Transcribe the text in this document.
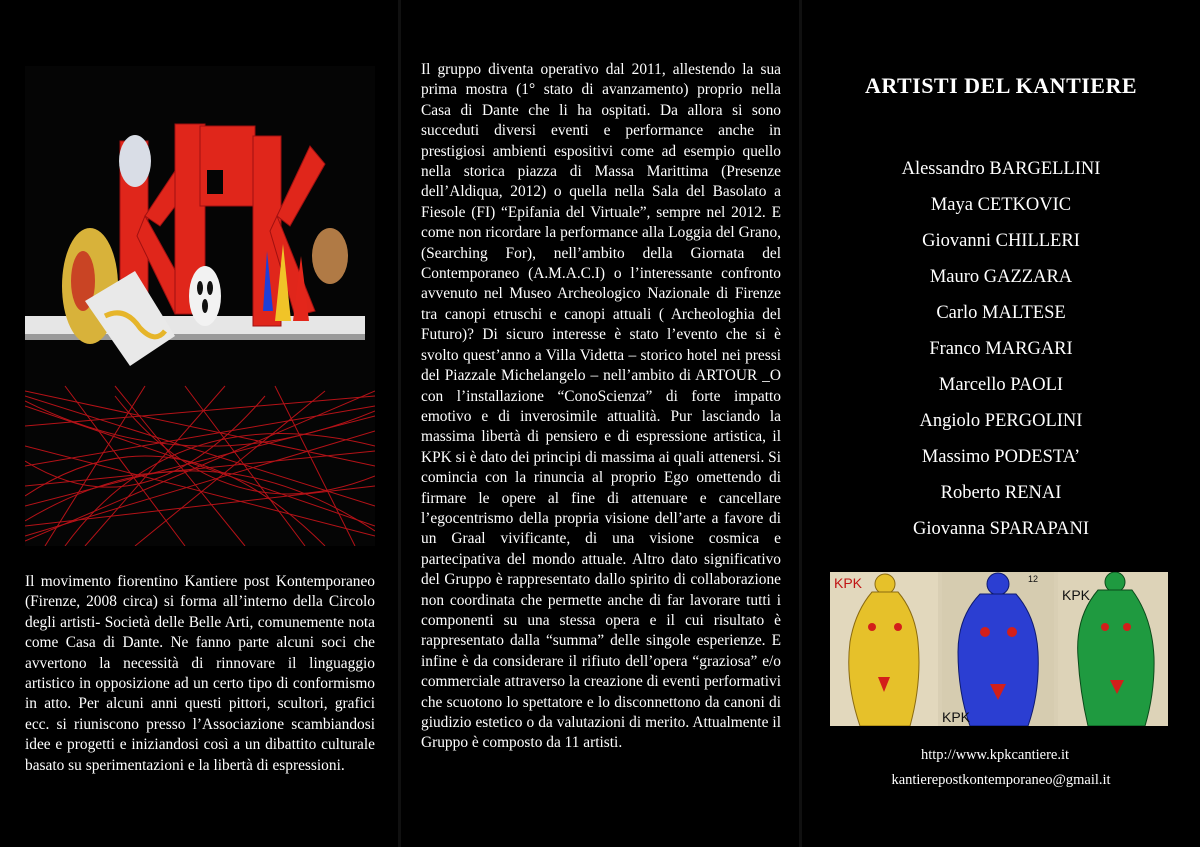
Il movimento fiorentino Kantiere post Kontemporaneo (Firenze, 2008 circa) si forma all’interno della Circolo degli artisti- Società delle Belle Arti, comunemente nota come Casa di Dante. Ne fanno parte alcuni soci che avvertono la necessità di rinnovare il linguaggio artistico in opposizione ad un certo tipo di conformismo in atto. Per alcuni anni questi pittori, scultori, grafici ecc. si riuniscono presso l’Associazione scambiandosi idee e progetti e iniziandosi così a un dibattito culturale basato su sperimentazioni e la libertà di espressioni.

Il gruppo diventa operativo dal 2011, allestendo la sua prima mostra (1° stato di avanzamento) proprio nella Casa di Dante che li ha ospitati. Da allora si sono succeduti diversi eventi e performance anche in prestigiosi ambienti espositivi come ad esempio quello nella storica piazza di Massa Marittima (Presenze dell’Aldiqua, 2012) o quella nella Sala del Basolato a Fiesole (FI) “Epifania del Virtuale”, sempre nel 2012. E come non ricordare la performance alla Loggia del Grano, (Searching For), nell’ambito della Giornata del Contemporaneo (A.M.A.C.I) o l’interessante confronto avvenuto nel Museo Archeologico Nazionale di Firenze tra canopi etruschi e canopi attuali ( Archeologhia del Futuro)? Di sicuro interesse è stato l’evento che si è svolto quest’anno a Villa Videtta – storico hotel nei pressi del Piazzale Michelangelo – nell’ambito di ARTOUR _O con l’installazione “ConoScienza” di forte impatto emotivo e di inverosimile attualità. Pur lasciando la massima libertà di pensiero e di espressione artistica, il KPK si è dato dei principi di massima ai quali attenersi. Si comincia con la rinuncia al proprio Ego omettendo di firmare le opere al fine di attenuare e cancellare l’egocentrismo della propria visione dell’arte a favore di un Graal vivificante, di una visione cosmica e partecipativa del mondo attuale. Altro dato significativo del Gruppo è rappresentato dallo spirito di collaborazione non coordinata che permette anche di far lavorare tutti i componenti su una stessa opera e il cui risultato è rappresentato dalla “summa” delle singole esperienze. E infine è da considerare il rifiuto dell’opera “graziosa” e/o commerciale attraverso la creazione di eventi performativi che scuotono lo spettatore e lo disconnettono da canoni di giudizio estetico o da valutazioni di merito. Attualmente il Gruppo è composto da 11 artisti.

ARTISTI DEL KANTIERE
Alessandro BARGELLINI
Maya CETKOVIC
Giovanni CHILLERI
Mauro GAZZARA
Carlo MALTESE
Franco MARGARI
Marcello PAOLI
Angiolo PERGOLINI
Massimo PODESTA’
Roberto RENAI
Giovanna SPARAPANI
KPK
KPK
KPK
12
http://www.kpkcantiere.it
kantierepostkontemporaneo@gmail.it
